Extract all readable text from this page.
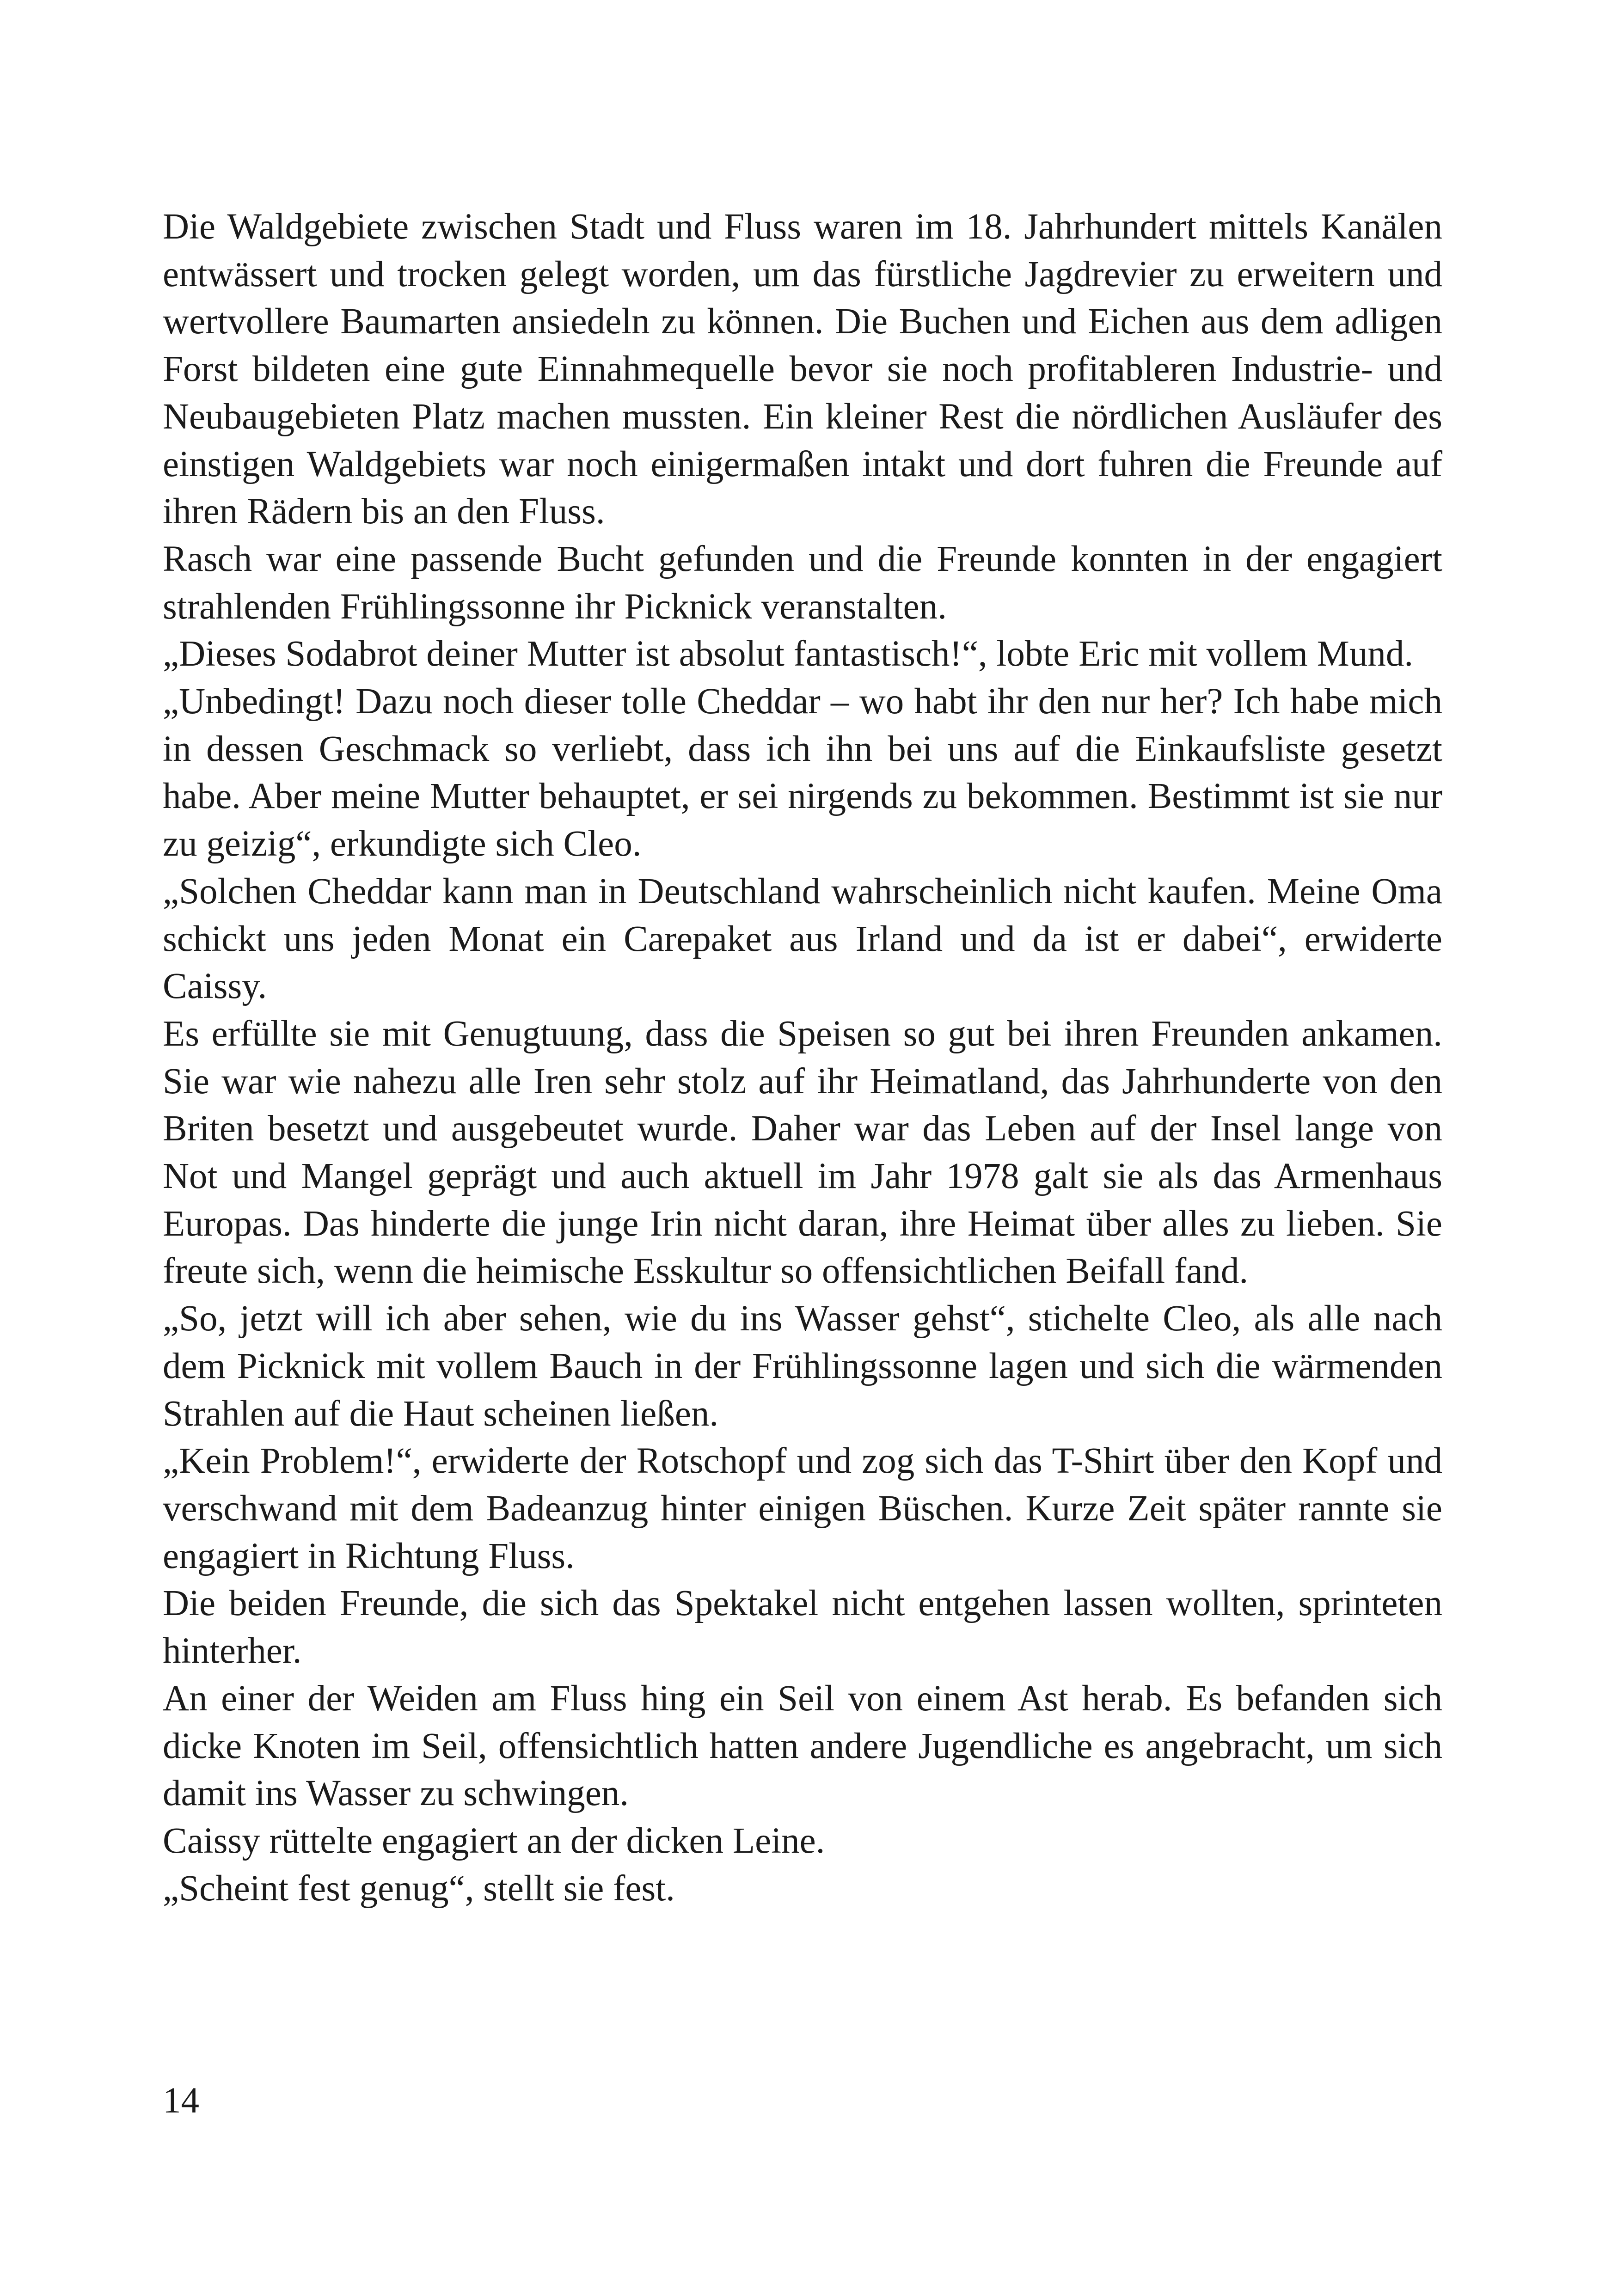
Die Waldgebiete zwischen Stadt und Fluss waren im 18. Jahrhundert mittels Kanälen entwässert und trocken gelegt worden, um das fürstliche Jagdrevier zu erweitern und wertvollere Baumarten ansiedeln zu können. Die Buchen und Eichen aus dem adligen Forst bildeten eine gute Einnahmequelle bevor sie noch profitableren Industrie- und Neubaugebieten Platz machen mussten. Ein kleiner Rest die nördlichen Ausläufer des einstigen Waldgebiets war noch einigermaßen intakt und dort fuhren die Freunde auf ihren Rädern bis an den Fluss.

Rasch war eine passende Bucht gefunden und die Freunde konnten in der engagiert strahlenden Frühlingssonne ihr Picknick veranstalten.

„Dieses Sodabrot deiner Mutter ist absolut fantastisch!“, lobte Eric mit vollem Mund.

„Unbedingt! Dazu noch dieser tolle Cheddar – wo habt ihr den nur her? Ich habe mich in dessen Geschmack so verliebt, dass ich ihn bei uns auf die Einkaufsliste gesetzt habe. Aber meine Mutter behauptet, er sei nirgends zu bekommen. Bestimmt ist sie nur zu geizig“, erkundigte sich Cleo.

„Solchen Cheddar kann man in Deutschland wahrscheinlich nicht kaufen. Meine Oma schickt uns jeden Monat ein Carepaket aus Irland und da ist er dabei“, erwiderte Caissy.

Es erfüllte sie mit Genugtuung, dass die Speisen so gut bei ihren Freunden ankamen. Sie war wie nahezu alle Iren sehr stolz auf ihr Heimatland, das Jahrhunderte von den Briten besetzt und ausgebeutet wurde. Daher war das Leben auf der Insel lange von Not und Mangel geprägt und auch aktuell im Jahr 1978 galt sie als das Armenhaus Europas. Das hinderte die junge Irin nicht daran, ihre Heimat über alles zu lieben. Sie freute sich, wenn die heimische Esskultur so offensichtlichen Beifall fand.

„So, jetzt will ich aber sehen, wie du ins Wasser gehst“, stichelte Cleo, als alle nach dem Picknick mit vollem Bauch in der Frühlingssonne lagen und sich die wärmenden Strahlen auf die Haut scheinen ließen.

„Kein Problem!“, erwiderte der Rotschopf und zog sich das T-Shirt über den Kopf und verschwand mit dem Badeanzug hinter einigen Büschen. Kurze Zeit später rannte sie engagiert in Richtung Fluss.

Die beiden Freunde, die sich das Spektakel nicht entgehen lassen wollten, sprinteten hinterher.

An einer der Weiden am Fluss hing ein Seil von einem Ast herab. Es befanden sich dicke Knoten im Seil, offensichtlich hatten andere Jugendliche es angebracht, um sich damit ins Wasser zu schwingen.

Caissy rüttelte engagiert an der dicken Leine.

„Scheint fest genug“, stellt sie fest.

14
